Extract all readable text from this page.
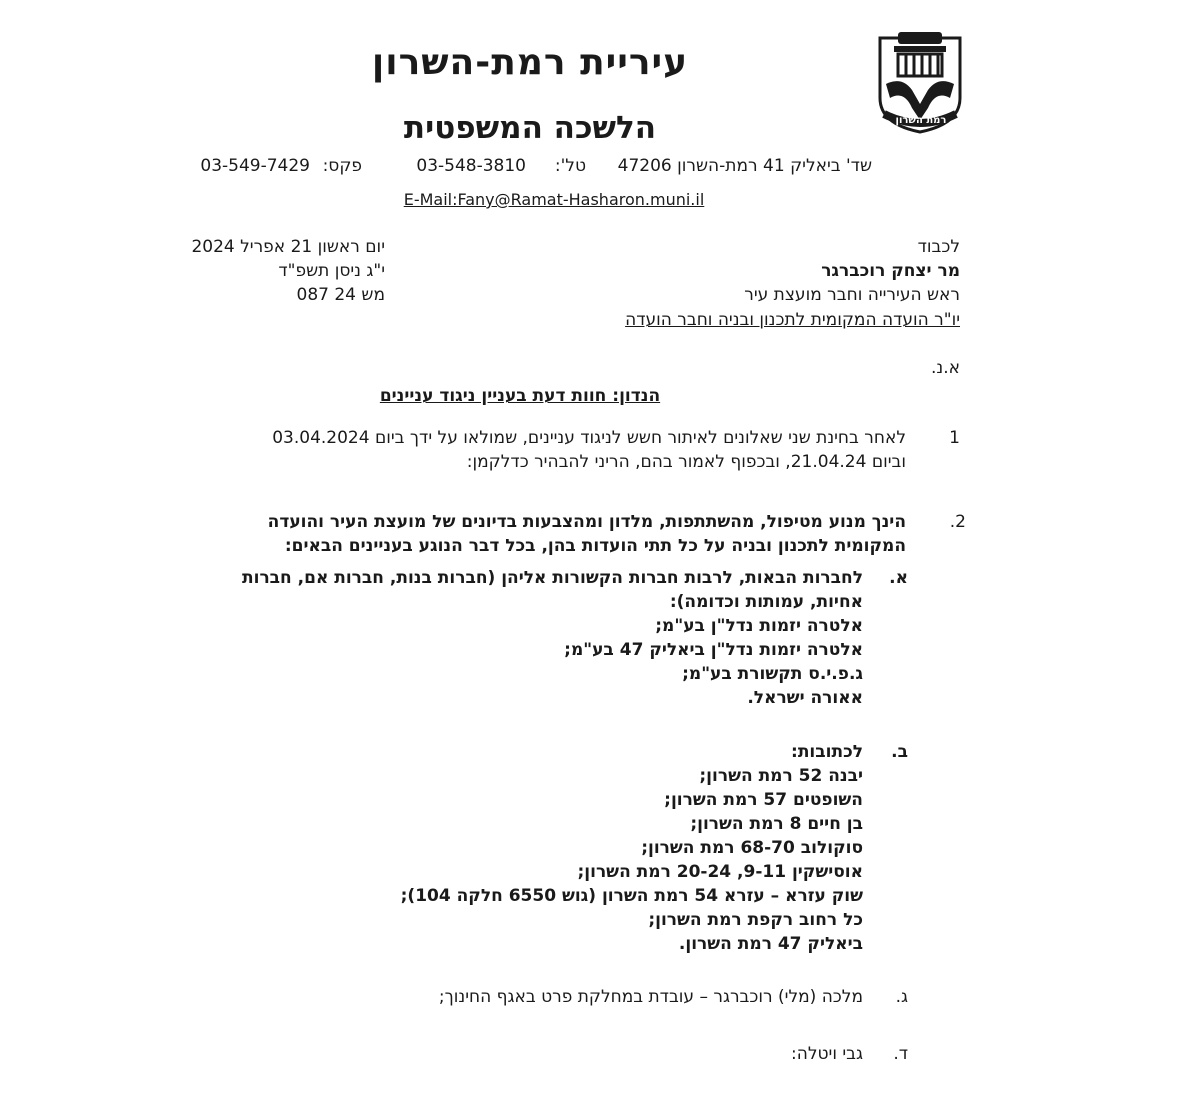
רמת השרון
עיריית רמת-השרון
הלשכה המשפטית
שד' ביאליק 41 רמת-השרון 47206
טל':
03-548-3810
פקס:
03-549-7429
E-Mail:Fany@Ramat-Hasharon.muni.il
לכבוד
מר יצחק רוכברגר
ראש העירייה וחבר מועצת עיר
יו"ר הועדה המקומית לתכנון ובניה וחבר הועדה
יום ראשון 21 אפריל 2024
י"ג ניסן תשפ"ד
מש 24 087
א.נ.
הנדון: חוות דעת בעניין ניגוד עניינים
1
לאחר בחינת שני שאלונים לאיתור חשש לניגוד עניינים, שמולאו על ידך ביום 03.04.2024
וביום 21.04.24, ובכפוף לאמור בהם, הריני להבהיר כדלקמן:
.2
הינך מנוע מטיפול, מהשתתפות, מלדון ומהצבעות בדיונים של מועצת העיר והועדה
המקומית לתכנון ובניה על כל תתי הועדות בהן, בכל דבר הנוגע בעניינים הבאים:
א.
לחברות הבאות, לרבות חברות הקשורות אליהן (חברות בנות, חברות אם, חברות
אחיות, עמותות וכדומה):
אלטרה יזמות נדל"ן בע"מ;
אלטרה יזמות נדל"ן ביאליק 47 בע"מ;
ג.פ.י.ס תקשורת בע"מ;
אאורה ישראל.
ב.
לכתובות:
יבנה 52 רמת השרון;
השופטים 57 רמת השרון;
בן חיים 8 רמת השרון;
סוקולוב 68-70 רמת השרון;
אוסישקין 9-11, 20-24 רמת השרון;
שוק עזרא – עזרא 54 רמת השרון (גוש 6550 חלקה 104);
כל רחוב רקפת רמת השרון;
ביאליק 47 רמת השרון.
ג.
מלכה (מלי) רוכברגר – עובדת במחלקת פרט באגף החינוך;
ד.
גבי ויטלה:
